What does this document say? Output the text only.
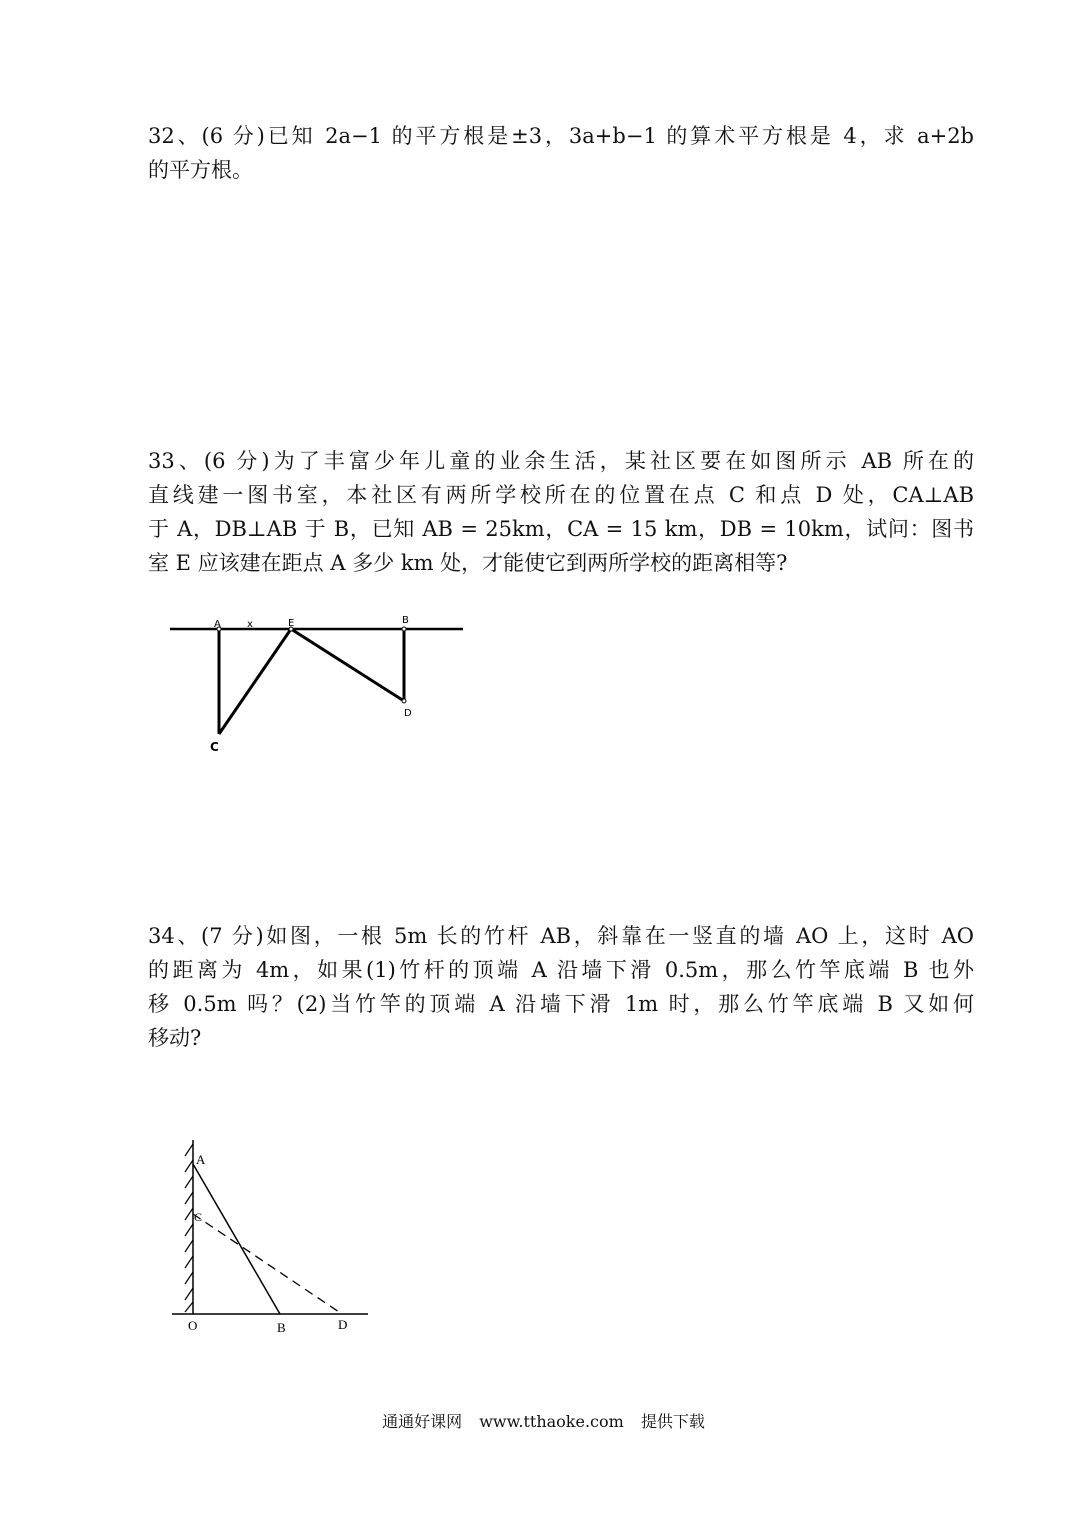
32、(6 分)已知 2a−1 的平方根是±3，3a+b−1 的算术平方根是 4，求 a+2b
的平方根。

33、(6 分)为了丰富少年儿童的业余生活，某社区要在如图所示 AB 所在的
直线建一图书室，本社区有两所学校所在的位置在点 C 和点 D 处，CA⊥AB
于 A，DB⊥AB 于 B，已知 AB = 25km，CA = 15 km，DB = 10km，试问：图书
室 E 应该建在距点 A 多少 km 处，才能使它到两所学校的距离相等?

A	x	E	B
C
D

34、(7 分)如图，一根 5m 长的竹杆 AB，斜靠在一竖直的墙 AO 上，这时 AO
的距离为 4m，如果(1)竹杆的顶端 A 沿墙下滑 0.5m，那么竹竿底端 B 也外
移 0.5m 吗？(2)当竹竿的顶端 A 沿墙下滑 1m 时，那么竹竿底端 B 又如何
移动?

A
C
O	B	D
通通好课网 www.tthaoke.com 提供下载
